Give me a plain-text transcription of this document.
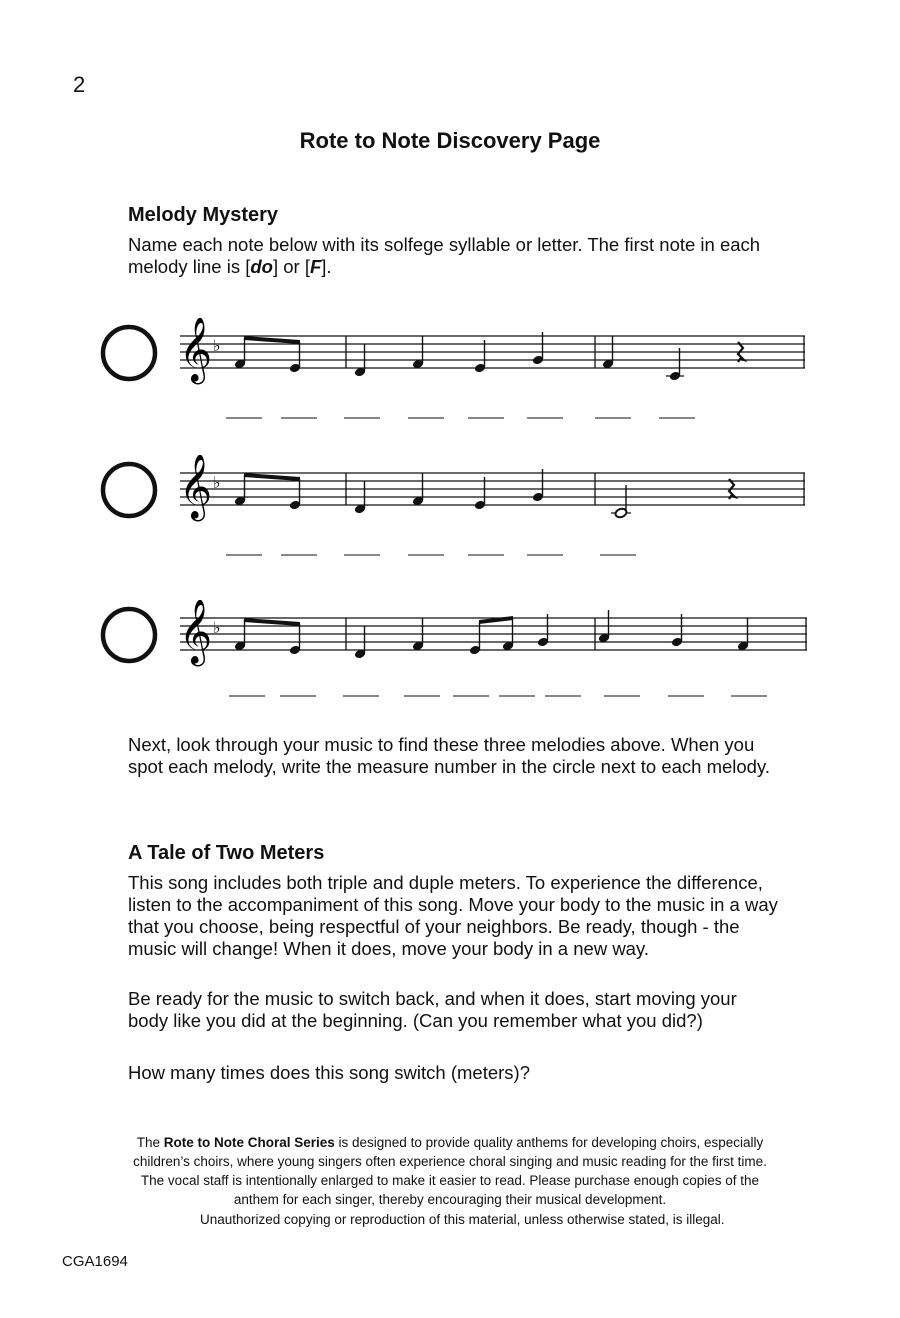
2
Rote to Note Discovery Page
Melody Mystery
Name each note below with its solfege syllable or letter. The first note in each melody line is [do] or [F].
𝄞 ♭
𝄞 ♭
𝄞 ♭
Next, look through your music to find these three melodies above. When you spot each melody, write the measure number in the circle next to each melody.
A Tale of Two Meters
This song includes both triple and duple meters. To experience the difference, listen to the accompaniment of this song. Move your body to the music in a way that you choose, being respectful of your neighbors. Be ready, though - the music will change! When it does, move your body in a new way.
Be ready for the music to switch back, and when it does, start moving your body like you did at the beginning. (Can you remember what you did?)
How many times does this song switch (meters)?
The Rote to Note Choral Series is designed to provide quality anthems for developing choirs, especially children’s choirs, where young singers often experience choral singing and music reading for the first time. The vocal staff is intentionally enlarged to make it easier to read. Please purchase enough copies of the anthem for each singer, thereby encouraging their musical development.
Unauthorized copying or reproduction of this material, unless otherwise stated, is illegal.
CGA1694
